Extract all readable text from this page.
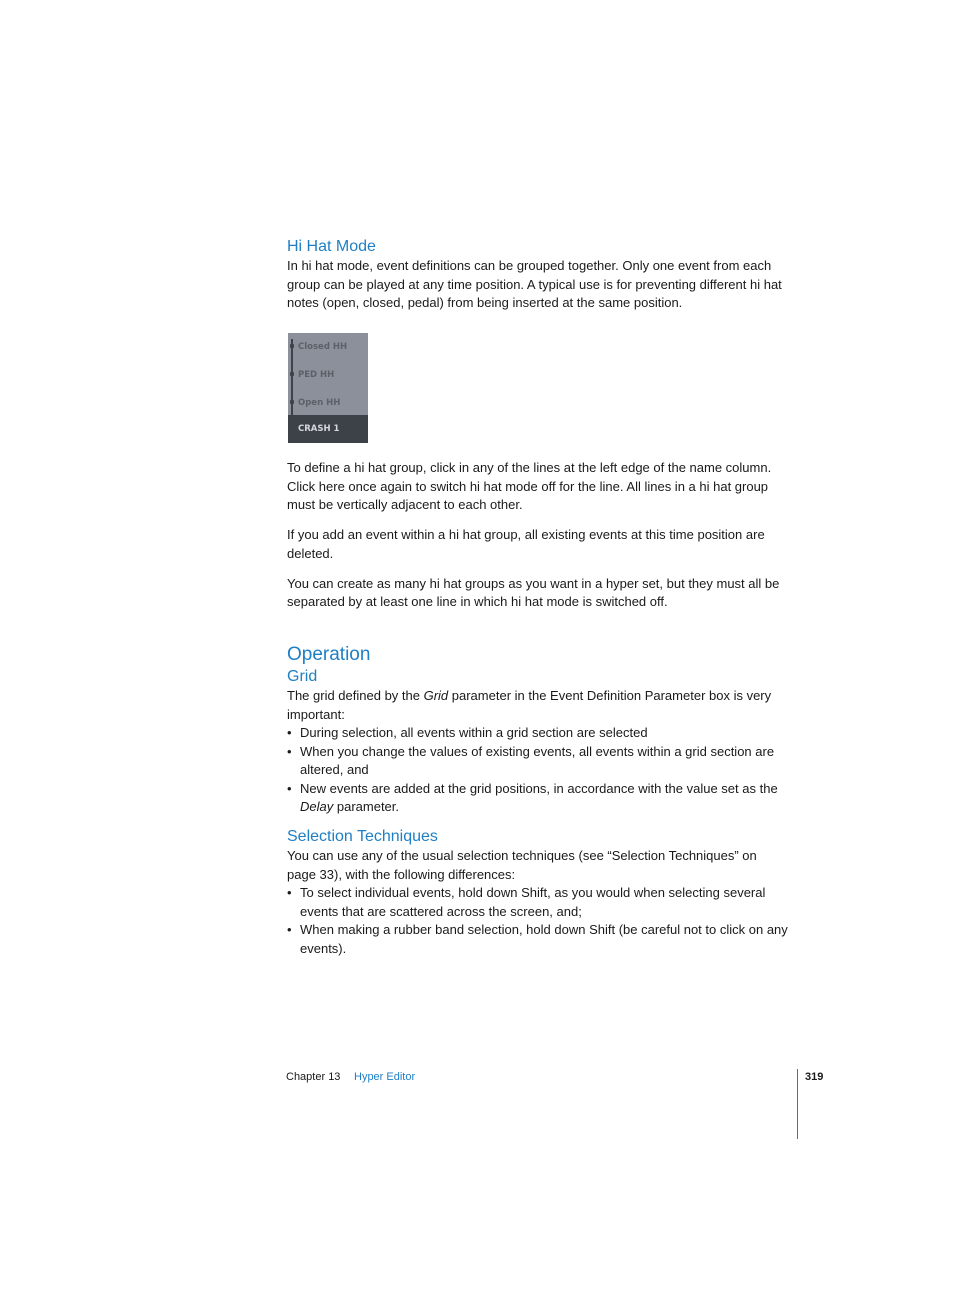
Hi Hat Mode

In hi hat mode, event definitions can be grouped together. Only one event from each group can be played at any time position. A typical use is for preventing different hi hat notes (open, closed, pedal) from being inserted at the same position.

Closed HH
PED HH
Open HH
CRASH 1

To define a hi hat group, click in any of the lines at the left edge of the name column. Click here once again to switch hi hat mode off for the line. All lines in a hi hat group must be vertically adjacent to each other.

If you add an event within a hi hat group, all existing events at this time position are deleted.

You can create as many hi hat groups as you want in a hyper set, but they must all be separated by at least one line in which hi hat mode is switched off.

Operation
Grid

The grid defined by the Grid parameter in the Event Definition Parameter box is very important:

• During selection, all events within a grid section are selected
• When you change the values of existing events, all events within a grid section are altered, and
• New events are added at the grid positions, in accordance with the value set as the Delay parameter.
Selection Techniques

You can use any of the usual selection techniques (see “Selection Techniques” on page 33), with the following differences:

• To select individual events, hold down Shift, as you would when selecting several events that are scattered across the screen, and;
• When making a rubber band selection, hold down Shift (be careful not to click on any events).
Chapter 13 Hyper Editor	319
